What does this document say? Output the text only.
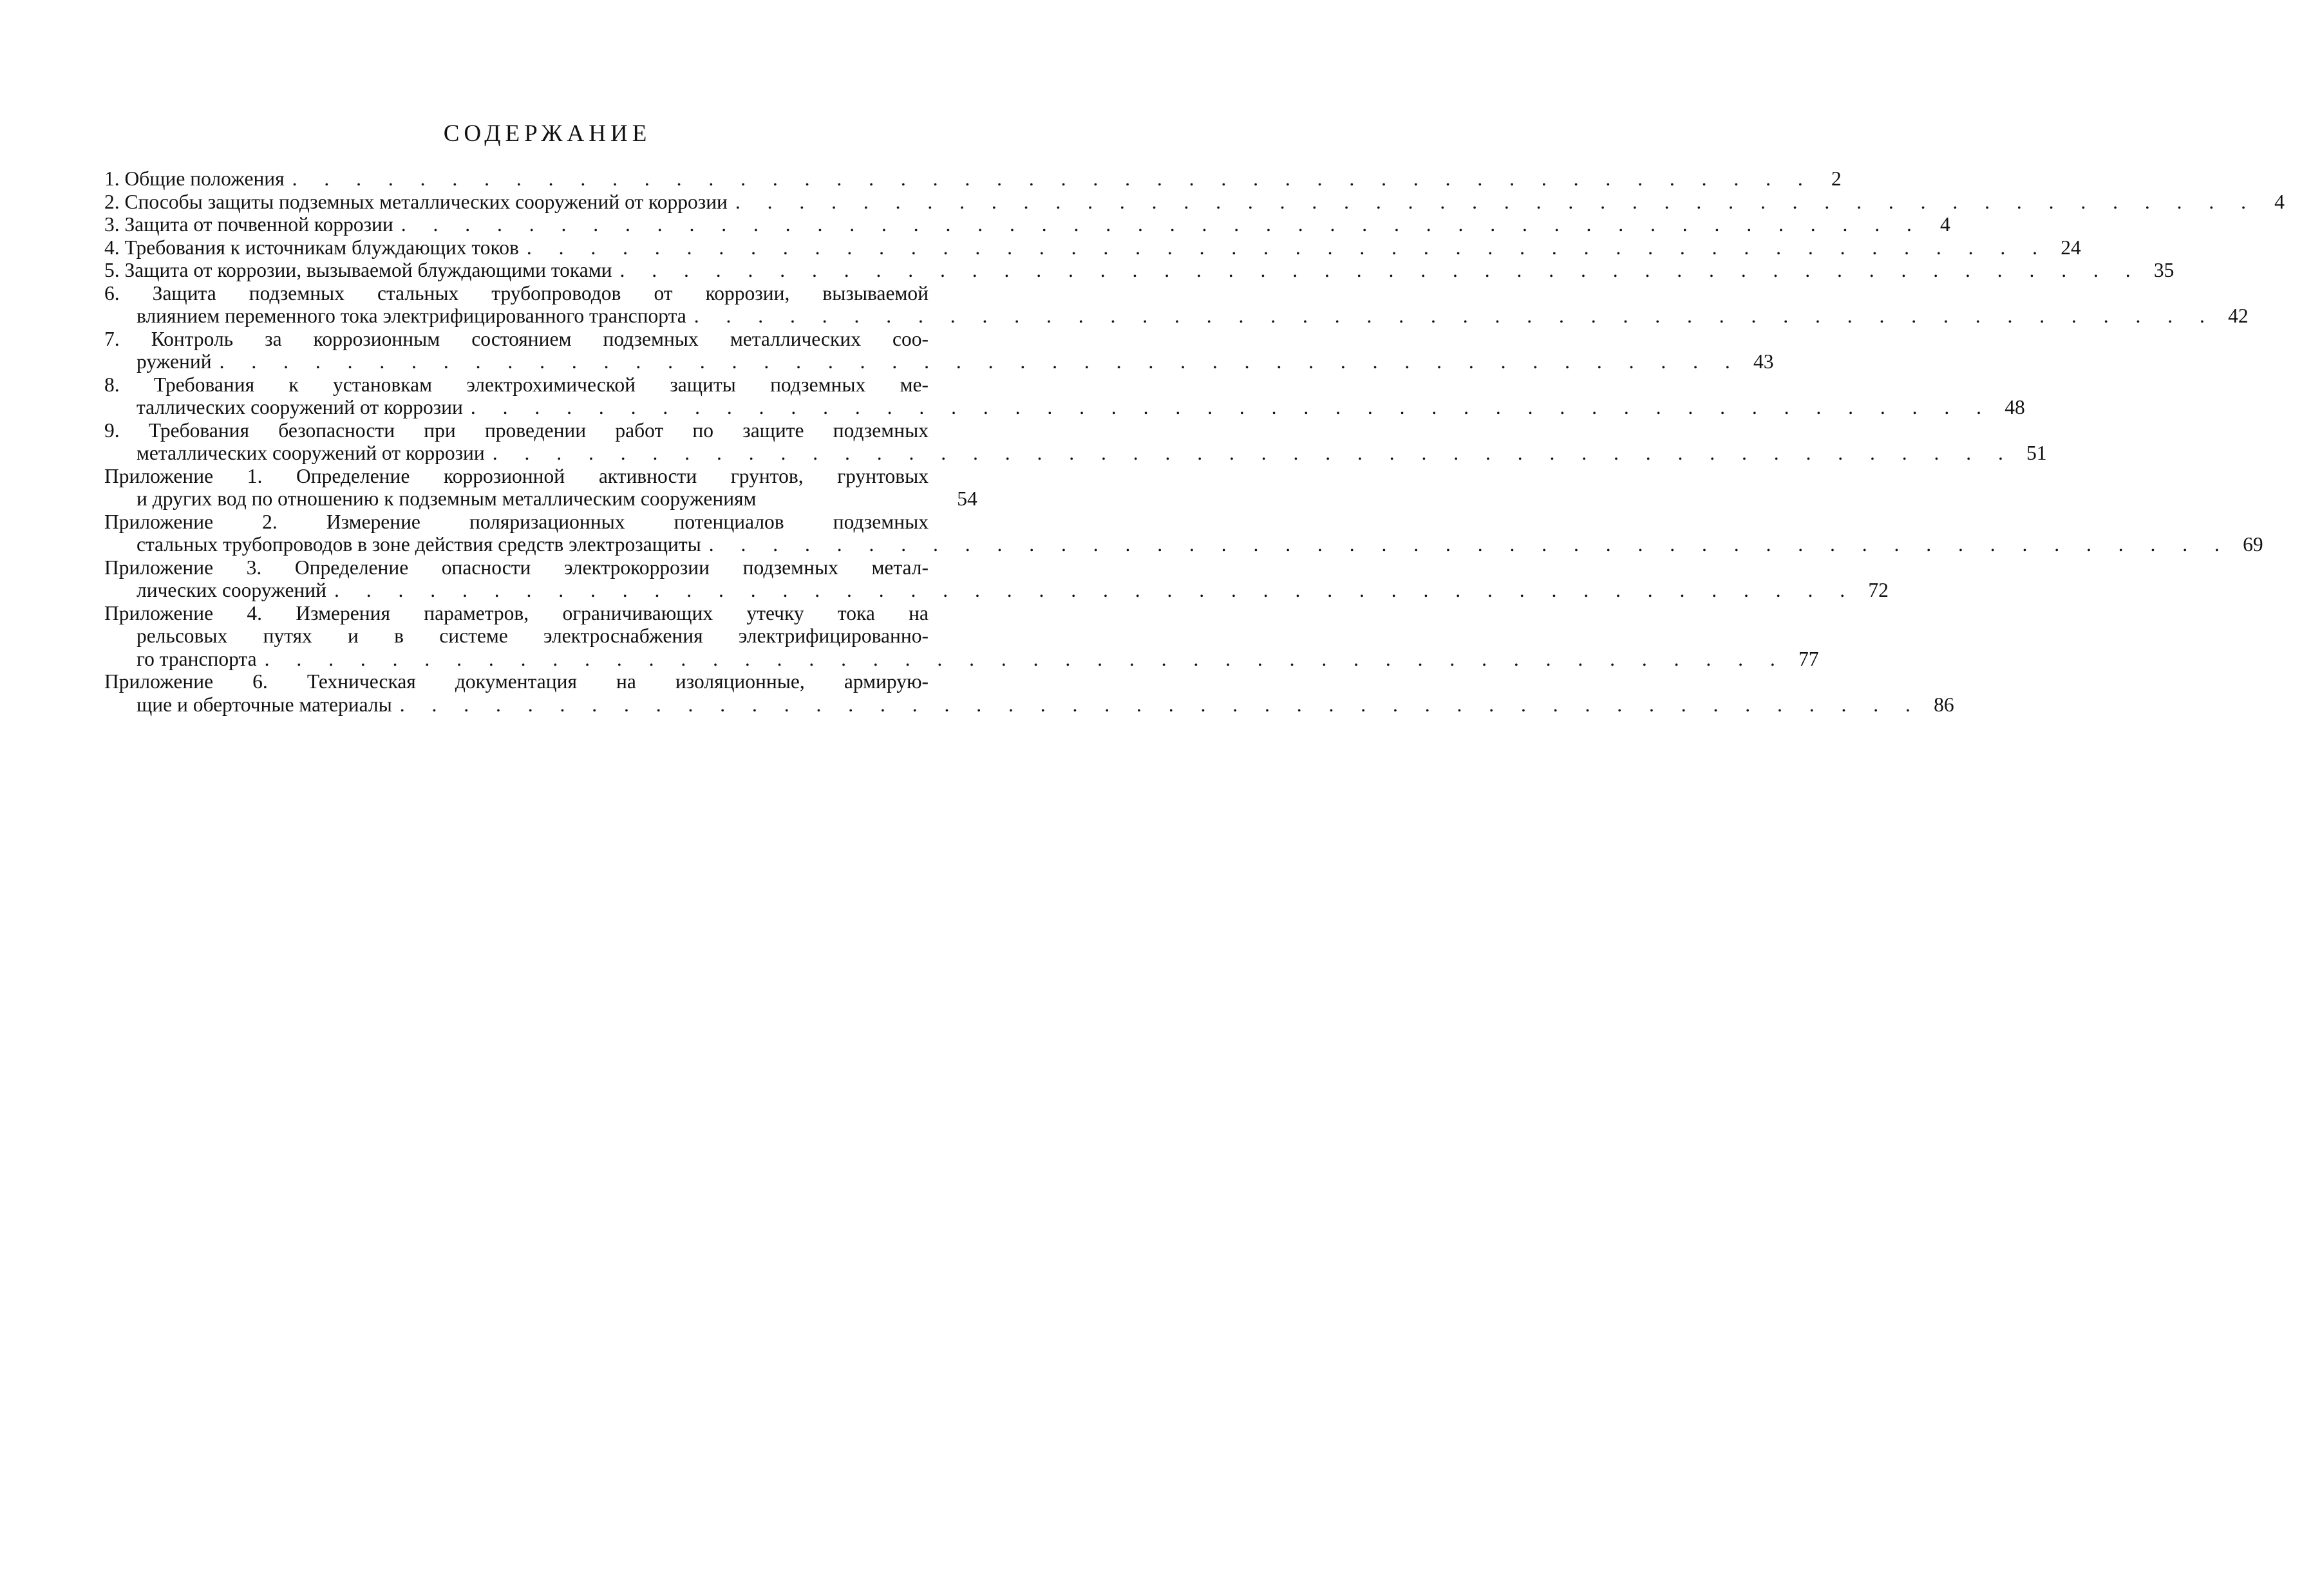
СОДЕРЖАНИЕ
1. Общие положения . . .	2
2. Способы защиты подземных металлических сооружений от коррозии . . .	4
3. Защита от почвенной коррозии . . .	4
4. Требования к источникам блуждающих токов . . .	24
5. Защита от коррозии, вызываемой блуждающими токами . . .	35
6. Защита подземных стальных трубопроводов от коррозии, вызываемой
влиянием переменного тока электрифицированного транспорта . . .	42
7. Контроль за коррозионным состоянием подземных металлических соо-
ружений . . .	43
8. Требования к установкам электрохимической защиты подземных ме-
таллических сооружений от коррозии . . .	48
9. Требования безопасности при проведении работ по защите подземных
металлических сооружений от коррозии . . .	51
Приложение 1. Определение коррозионной активности грунтов, грунтовых
и других вод по отношению к подземным металлическим сооружениям	54
Приложение 2. Измерение поляризационных потенциалов подземных
стальных трубопроводов в зоне действия средств электрозащиты . . .	69
Приложение 3. Определение опасности электрокоррозии подземных метал-
лических сооружений . . .	72
Приложение 4. Измерения параметров, ограничивающих утечку тока на
рельсовых путях и в системе электроснабжения электрифицированно-
го транспорта . . .	77
Приложение 6. Техническая документация на изоляционные, армирую-
щие и оберточные материалы . . .	86
